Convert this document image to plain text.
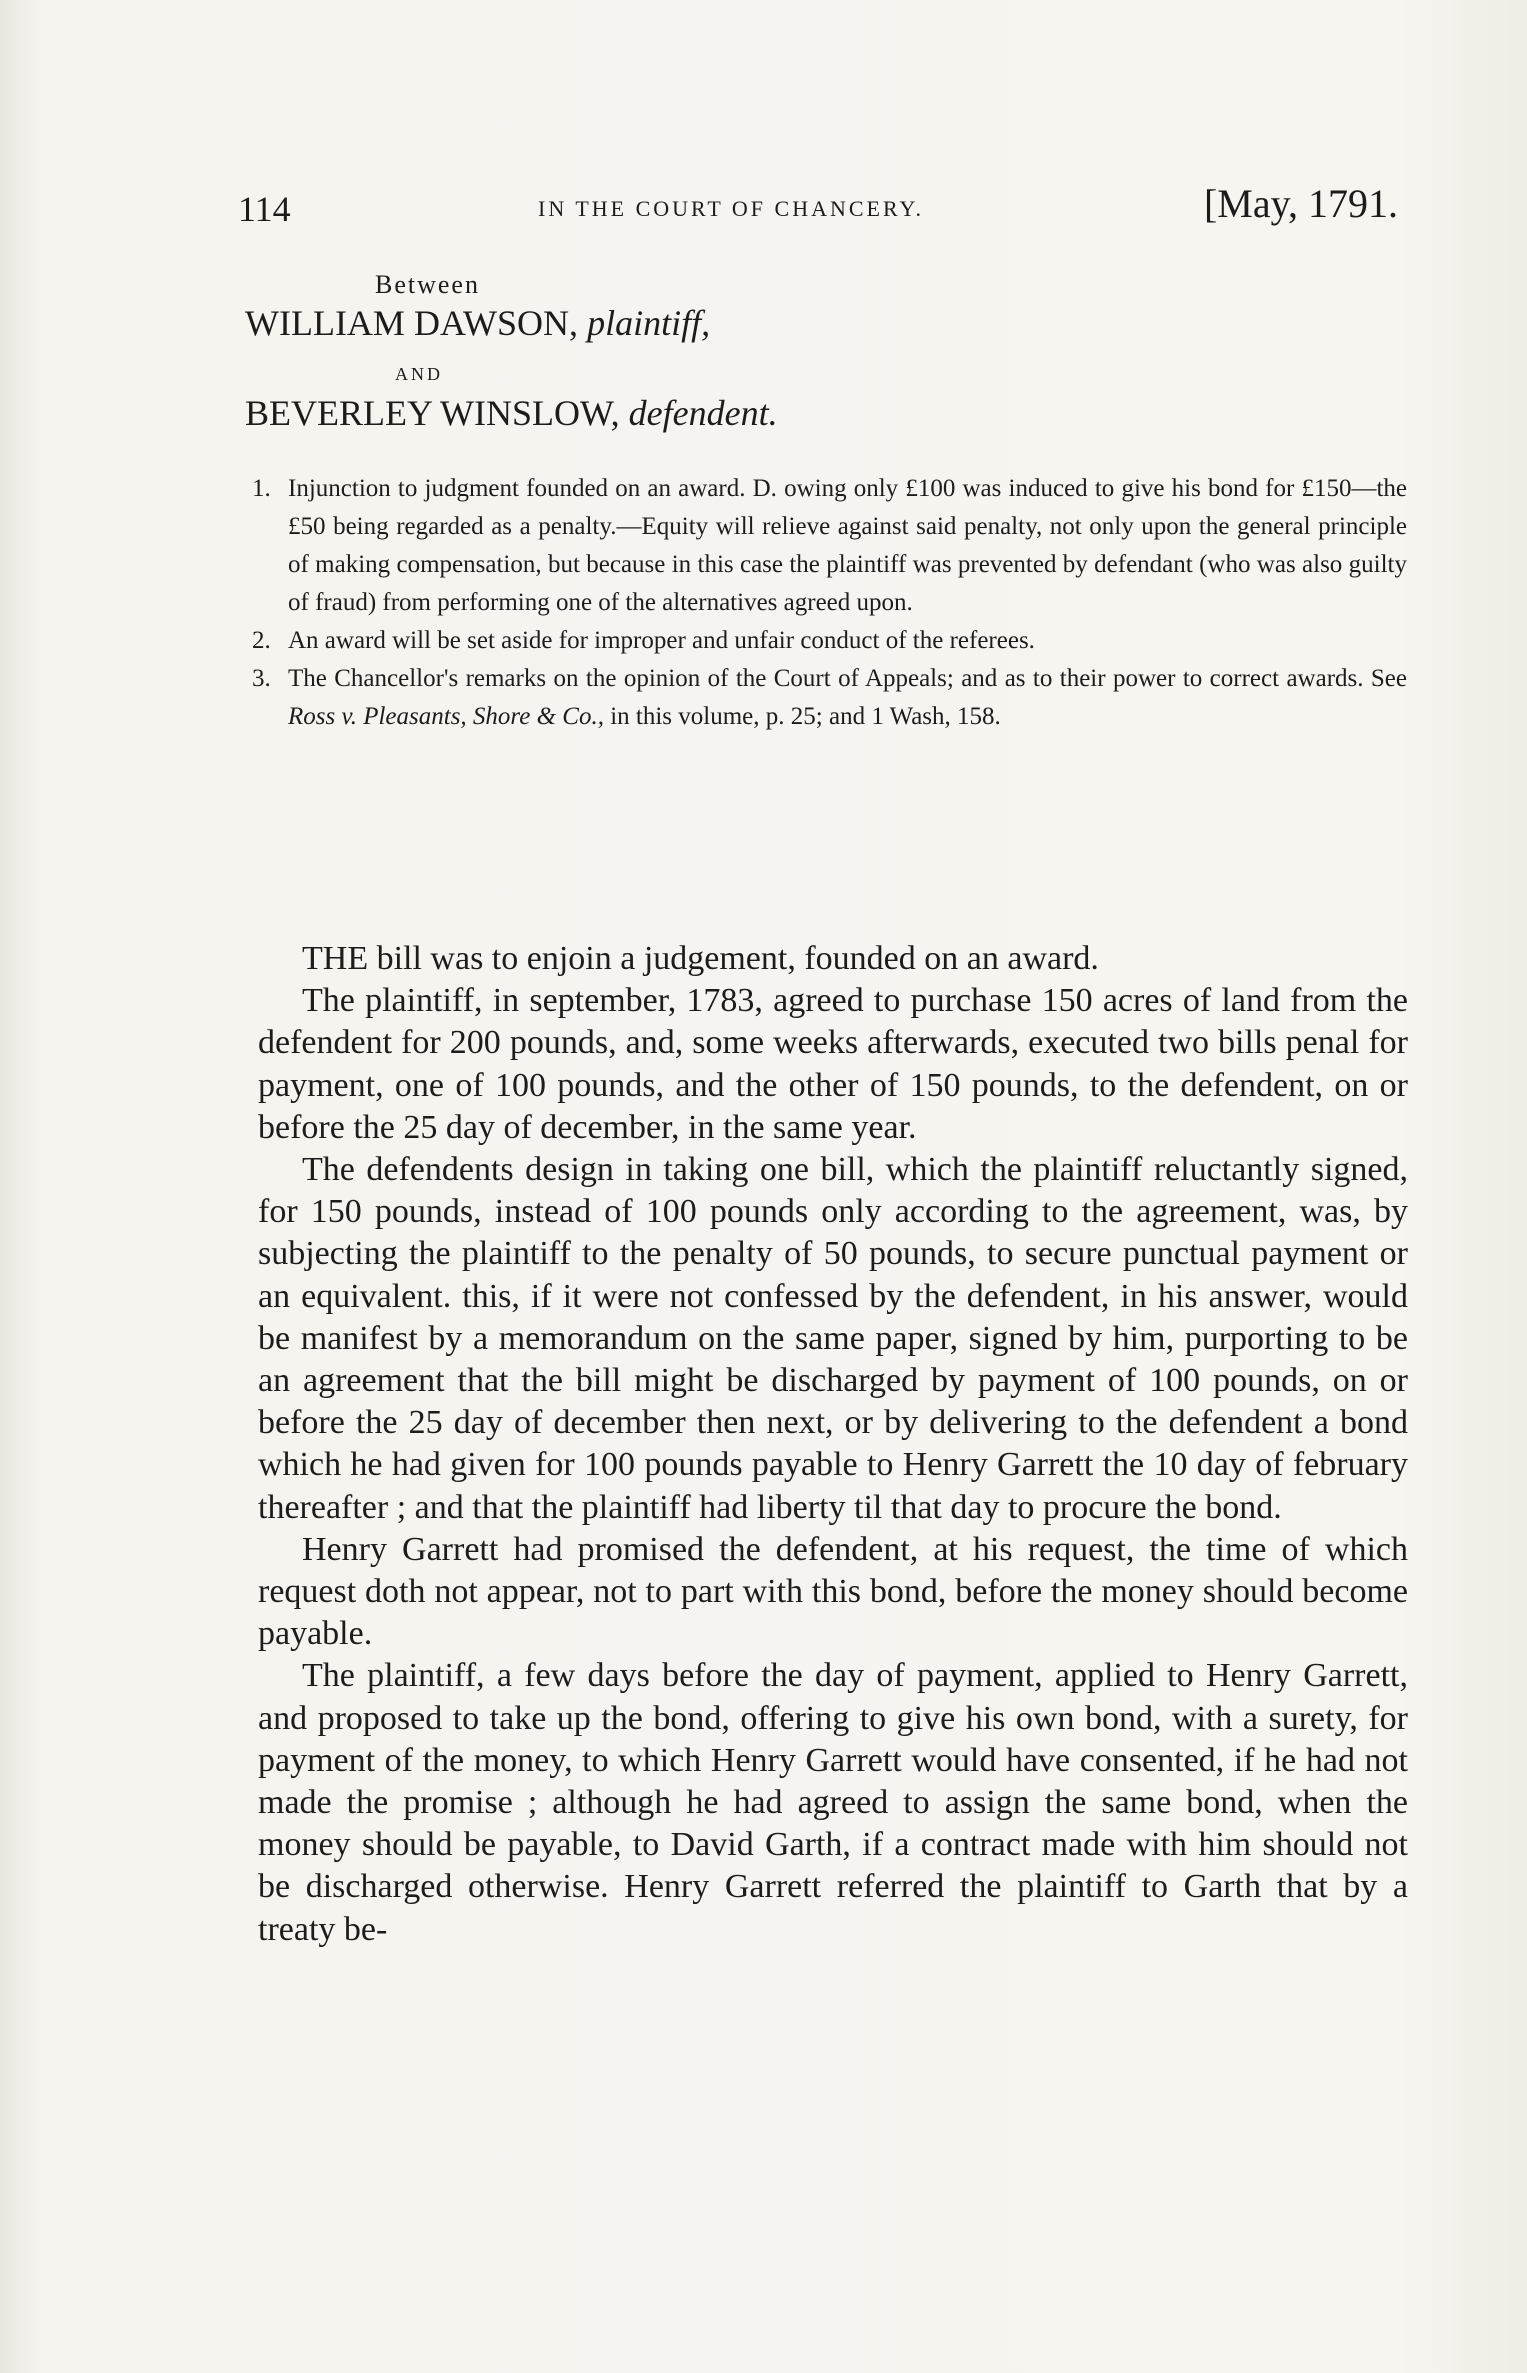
114	IN THE COURT OF CHANCERY.	[May, 1791.
Between
WILLIAM DAWSON, plaintiff,
AND
BEVERLEY WINSLOW, defendent.
1. Injunction to judgment founded on an award. D. owing only £100 was induced to give his bond for £150—the £50 being regarded as a penalty.—Equity will relieve against said penalty, not only upon the general principle of making compensation, but because in this case the plaintiff was prevented by defendant (who was also guilty of fraud) from performing one of the alternatives agreed upon.
2. An award will be set aside for improper and unfair conduct of the referees.
3. The Chancellor's remarks on the opinion of the Court of Appeals; and as to their power to correct awards. See Ross v. Pleasants, Shore & Co., in this volume, p. 25; and 1 Wash, 158.

THE bill was to enjoin a judgement, founded on an award.

The plaintiff, in september, 1783, agreed to purchase 150 acres of land from the defendent for 200 pounds, and, some weeks afterwards, executed two bills penal for payment, one of 100 pounds, and the other of 150 pounds, to the defendent, on or before the 25 day of december, in the same year.

The defendents design in taking one bill, which the plaintiff reluctantly signed, for 150 pounds, instead of 100 pounds only according to the agreement, was, by subjecting the plaintiff to the penalty of 50 pounds, to secure punctual payment or an equivalent. this, if it were not confessed by the defendent, in his answer, would be manifest by a memorandum on the same paper, signed by him, purporting to be an agreement that the bill might be discharged by payment of 100 pounds, on or before the 25 day of december then next, or by delivering to the defendent a bond which he had given for 100 pounds payable to Henry Garrett the 10 day of february thereafter ; and that the plaintiff had liberty til that day to procure the bond.

Henry Garrett had promised the defendent, at his request, the time of which request doth not appear, not to part with this bond, before the money should become payable.

The plaintiff, a few days before the day of payment, applied to Henry Garrett, and proposed to take up the bond, offering to give his own bond, with a surety, for payment of the money, to which Henry Garrett would have consented, if he had not made the promise ; although he had agreed to assign the same bond, when the money should be payable, to David Garth, if a contract made with him should not be discharged otherwise. Henry Garrett referred the plaintiff to Garth that by a treaty be-
